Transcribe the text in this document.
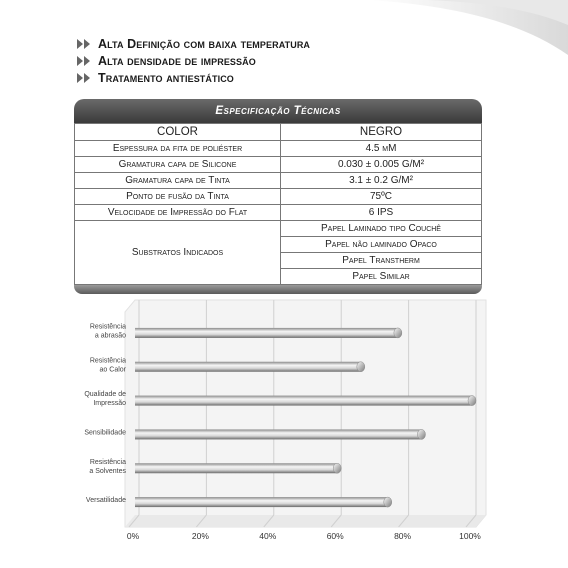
Alta Definição com baixa temperatura
Alta densidade de impressão
Tratamento antiestático
Especificação Técnicas
COLOR	NEGRO
Espessura da fita de poliéster	4.5 μM
Gramatura capa de Silicone	0.030 ± 0.005 G/M²
Gramatura capa de Tinta	3.1 ± 0.2 G/M²
Ponto de fusão da Tinta	75ºC
Velocidade de Impressão do Flat	6 IPS
Substratos Indicados	Papel Laminado tipo Couchê
	Papel não laminado Opaco
	Papel Transtherm
	Papel Similar
Resistência a abrasão
Resistência ao Calor
Qualidade de Impressão
Sensibilidade
Resistência a Solventes
Versatilidade
0%	20%	40%	60%	80%	100%
